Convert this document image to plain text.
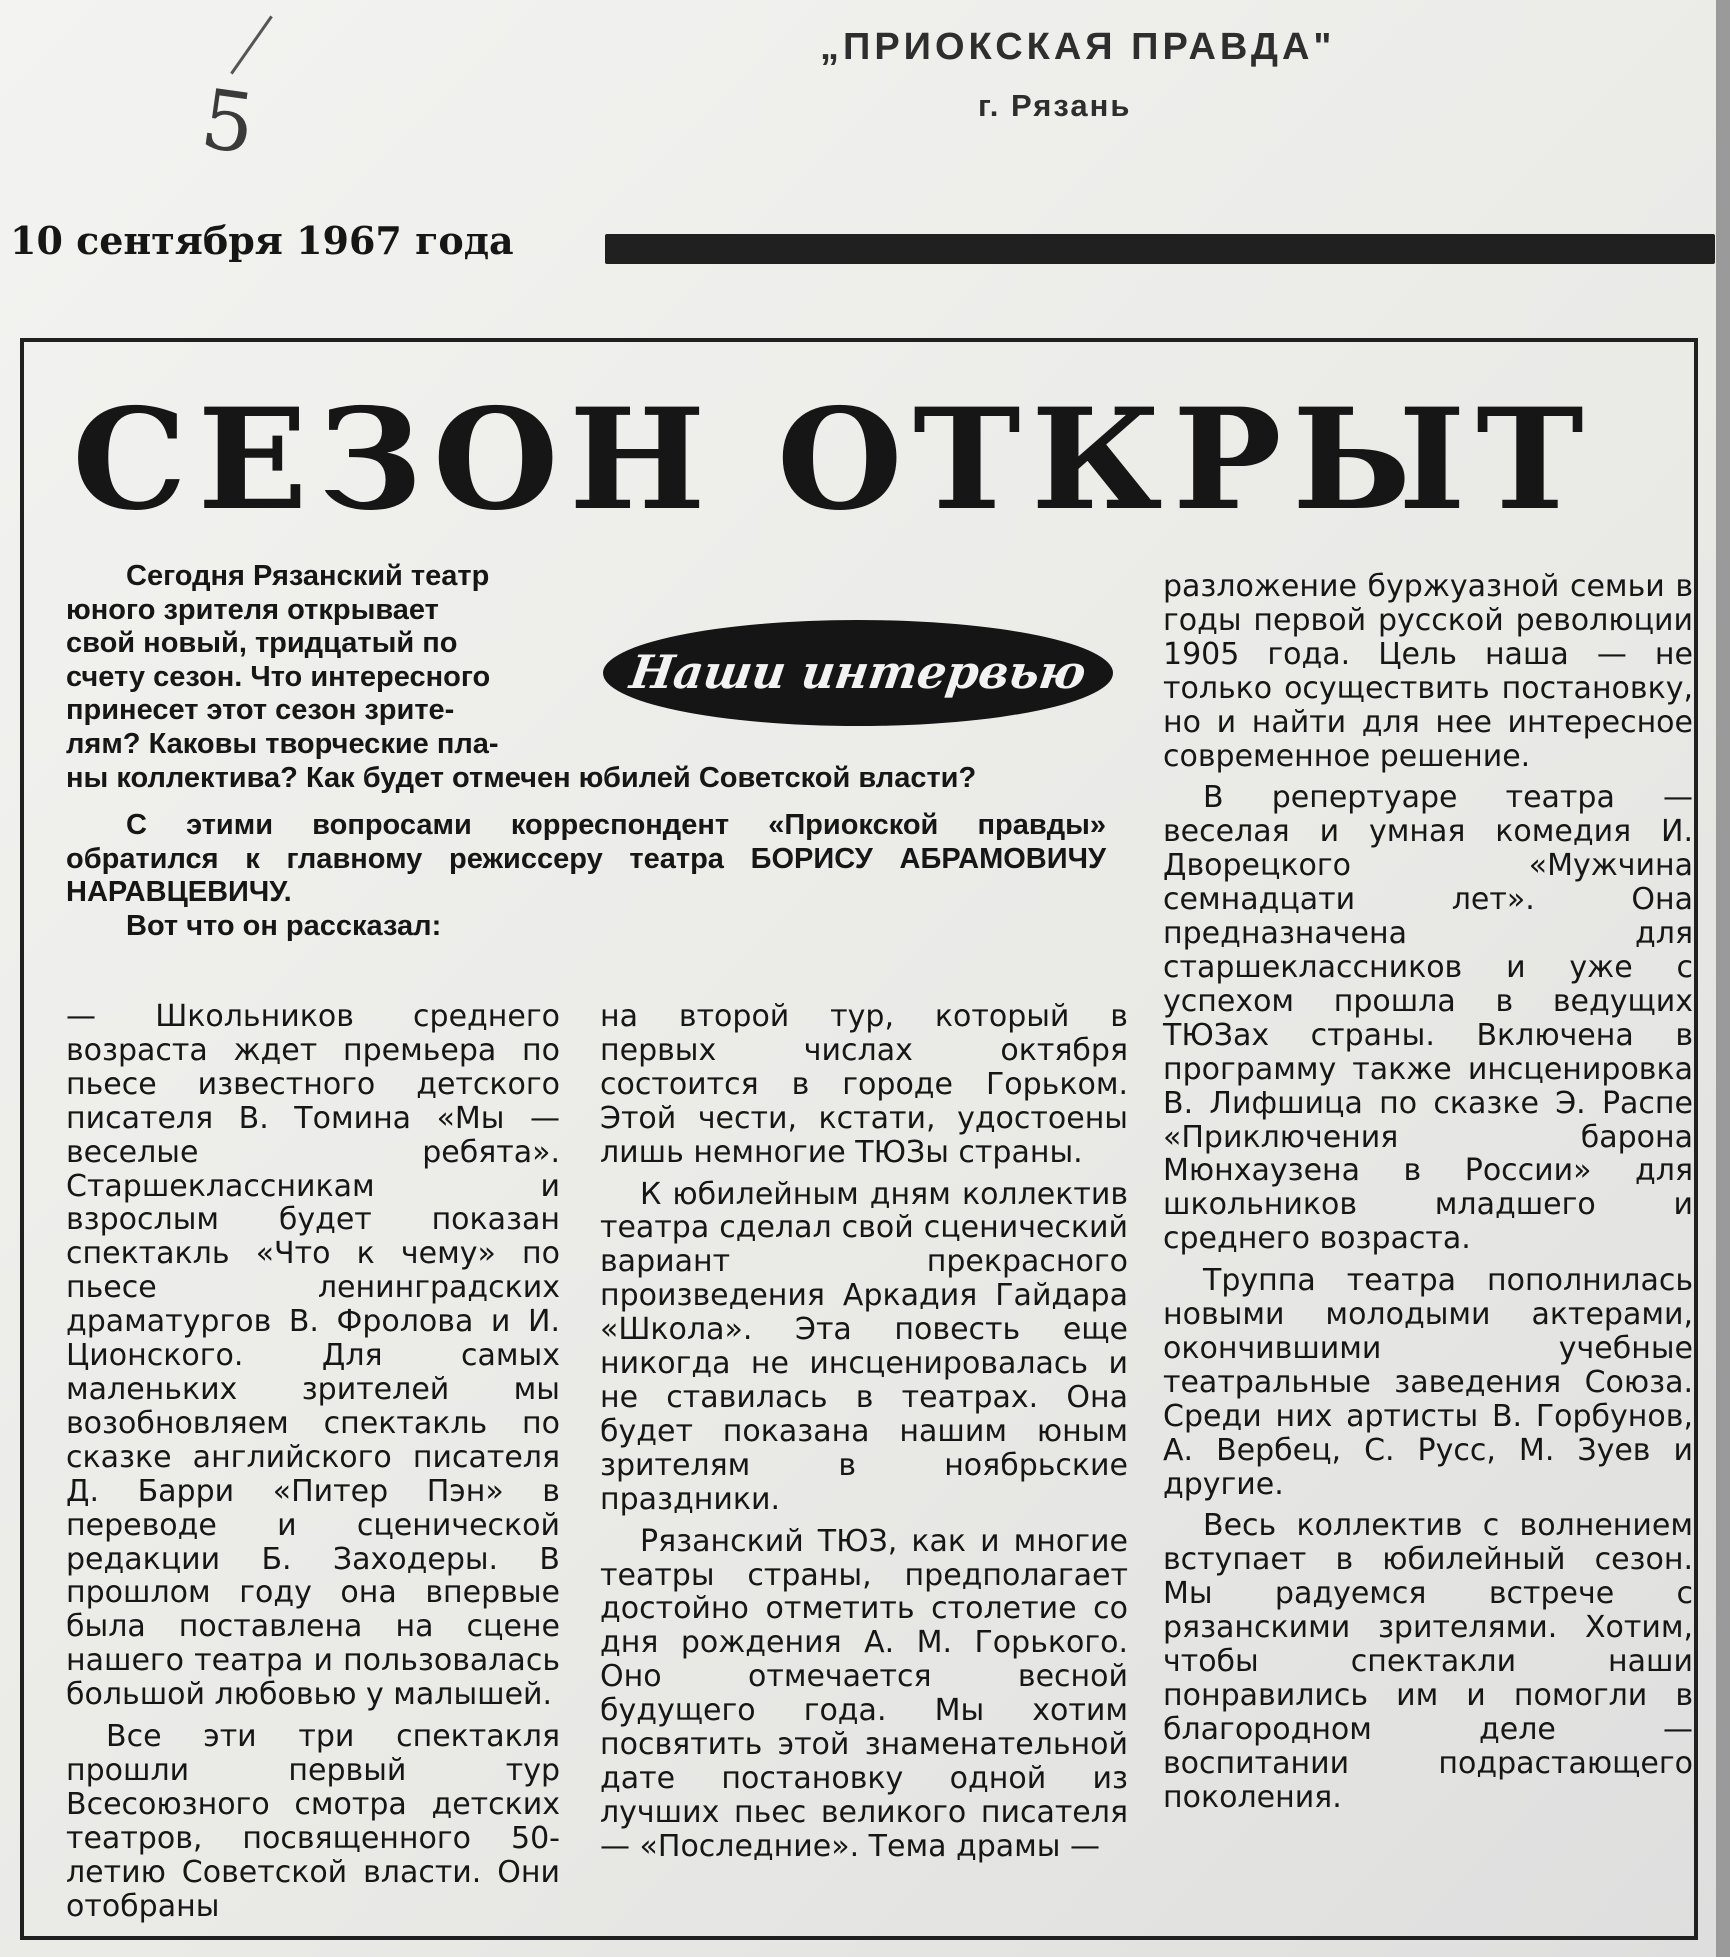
5
„ПРИОКСКАЯ ПРАВДА"
г. Рязань
10 сентября 1967 года
СЕЗОН ОТКРЫТ
Наши интервью
Сегодня Рязанский театр
юного зрителя открывает
свой новый, тридцатый по
счету сезон. Что интересного
принесет этот сезон зрите-
лям? Каковы творческие пла-
ны коллектива? Как будет отмечен юбилей Советской власти?

С этими вопросами корреспондент «Приокской правды» обратился к главному режиссеру театра БОРИСУ АБРАМОВИЧУ НАРАВЦЕВИЧУ.

Вот что он рассказал:

— Школьников среднего возраста ждет премьера по пьесе известного детского писателя В. Томина «Мы — веселые ребята». Старшеклассникам и взрослым будет показан спектакль «Что к чему» по пьесе ленинградских драматургов В. Фролова и И. Ционского. Для самых маленьких зрителей мы возобновляем спектакль по сказке английского писателя Д. Барри «Питер Пэн» в переводе и сценической редакции Б. Заходеры. В прошлом году она впервые была поставлена на сцене нашего театра и пользовалась большой любовью у малышей.

Все эти три спектакля прошли первый тур Всесоюзного смотра детских театров, посвященного 50-летию Советской власти. Они отобраны

на второй тур, который в первых числах октября состоится в городе Горьком. Этой чести, кстати, удостоены лишь немногие ТЮЗы страны.

К юбилейным дням коллектив театра сделал свой сценический вариант прекрасного произведения Аркадия Гайдара «Школа». Эта повесть еще никогда не инсценировалась и не ставилась в театрах. Она будет показана нашим юным зрителям в ноябрьские праздники.

Рязанский ТЮЗ, как и многие театры страны, предполагает достойно отметить столетие со дня рождения А. М. Горького. Оно отмечается весной будущего года. Мы хотим посвятить этой знаменательной дате постановку одной из лучших пьес великого писателя — «Последние». Тема драмы —

разложение буржуазной семьи в годы первой русской революции 1905 года. Цель наша — не только осуществить постановку, но и найти для нее интересное современное решение.

В репертуаре театра — веселая и умная комедия И. Дворецкого «Мужчина семнадцати лет». Она предназначена для старшеклассников и уже с успехом прошла в ведущих ТЮЗах страны. Включена в программу также инсценировка В. Лифшица по сказке Э. Распе «Приключения барона Мюнхаузена в России» для школьников младшего и среднего возраста.

Труппа театра пополнилась новыми молодыми актерами, окончившими учебные театральные заведения Союза. Среди них артисты В. Горбунов, А. Вербец, С. Русс, М. Зуев и другие.

Весь коллектив с волнением вступает в юбилейный сезон. Мы радуемся встрече с рязанскими зрителями. Хотим, чтобы спектакли наши понравились им и помогли в благородном деле — воспитании подрастающего поколения.
